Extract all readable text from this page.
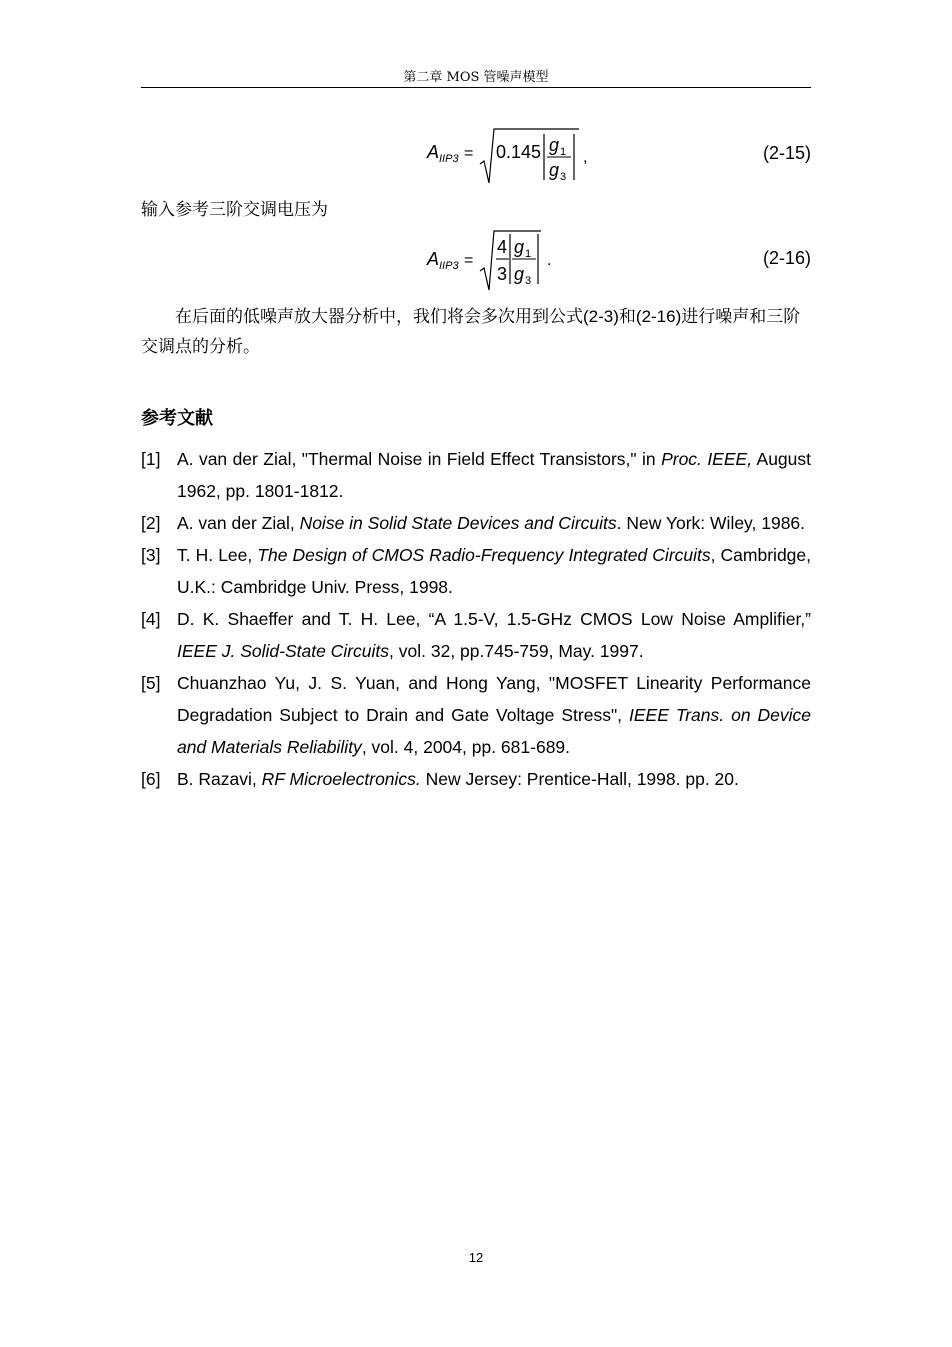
第二章 MOS 管噪声模型
A IIP3 = 0.145 g 1
g 3
,	(2-15)
输入参考三阶交调电压为
A IIP3 =
4
3
g 1
g 3
.	(2-16)
在后面的低噪声放大器分析中，我们将会多次用到公式(2-3)和(2-16)进行噪声和三阶交调点的分析。
参考文献
[1] A. van der Zial, "Thermal Noise in Field Effect Transistors," in Proc. IEEE, August 1962, pp. 1801-1812.
[2] A. van der Zial, Noise in Solid State Devices and Circuits. New York: Wiley, 1986.
[3] T. H. Lee, The Design of CMOS Radio-Frequency Integrated Circuits, Cambridge, U.K.: Cambridge Univ. Press, 1998.
[4] D. K. Shaeffer and T. H. Lee, “A 1.5-V, 1.5-GHz CMOS Low Noise Amplifier,” IEEE J. Solid-State Circuits, vol. 32, pp.745-759, May. 1997.
[5] Chuanzhao Yu, J. S. Yuan, and Hong Yang, "MOSFET Linearity Performance Degradation Subject to Drain and Gate Voltage Stress", IEEE Trans. on Device and Materials Reliability, vol. 4, 2004, pp. 681-689.
[6] B. Razavi, RF Microelectronics. New Jersey: Prentice-Hall, 1998. pp. 20.
12
